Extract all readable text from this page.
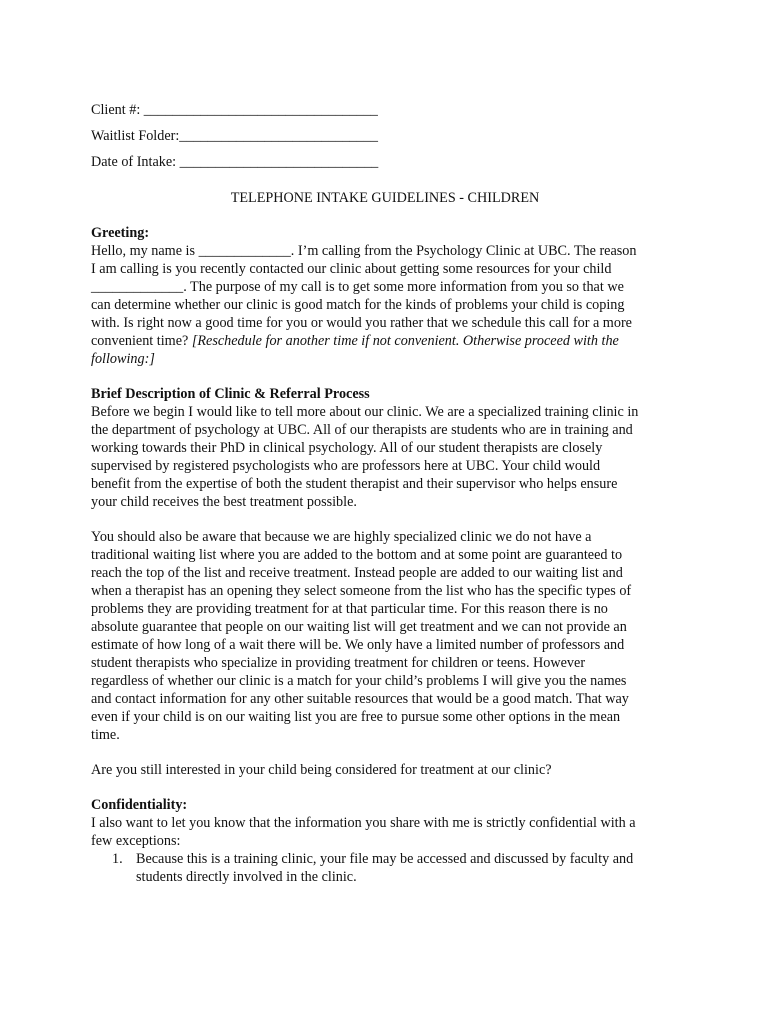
Client #: _________________________________
Waitlist Folder:____________________________
Date of Intake: ____________________________
TELEPHONE INTAKE GUIDELINES - CHILDREN
Greeting:
Hello, my name is _____________. I’m calling from the Psychology Clinic at UBC. The reason
I am calling is you recently contacted our clinic about getting some resources for your child
_____________. The purpose of my call is to get some more information from you so that we
can determine whether our clinic is good match for the kinds of problems your child is coping
with. Is right now a good time for you or would you rather that we schedule this call for a more
convenient time? [Reschedule for another time if not convenient. Otherwise proceed with the
following:]
Brief Description of Clinic & Referral Process
Before we begin I would like to tell more about our clinic. We are a specialized training clinic in
the department of psychology at UBC. All of our therapists are students who are in training and
working towards their PhD in clinical psychology. All of our student therapists are closely
supervised by registered psychologists who are professors here at UBC. Your child would
benefit from the expertise of both the student therapist and their supervisor who helps ensure
your child receives the best treatment possible.
You should also be aware that because we are highly specialized clinic we do not have a
traditional waiting list where you are added to the bottom and at some point are guaranteed to
reach the top of the list and receive treatment. Instead people are added to our waiting list and
when a therapist has an opening they select someone from the list who has the specific types of
problems they are providing treatment for at that particular time. For this reason there is no
absolute guarantee that people on our waiting list will get treatment and we can not provide an
estimate of how long of a wait there will be. We only have a limited number of professors and
student therapists who specialize in providing treatment for children or teens. However
regardless of whether our clinic is a match for your child’s problems I will give you the names
and contact information for any other suitable resources that would be a good match. That way
even if your child is on our waiting list you are free to pursue some other options in the mean
time.
Are you still interested in your child being considered for treatment at our clinic?
Confidentiality:
I also want to let you know that the information you share with me is strictly confidential with a
few exceptions:
1. Because this is a training clinic, your file may be accessed and discussed by faculty and
students directly involved in the clinic.
